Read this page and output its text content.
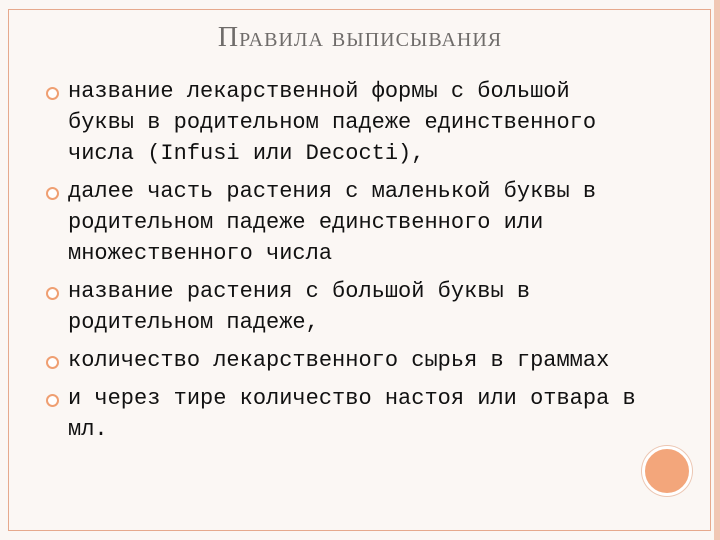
Правила выписывания
название лекарственной формы с большой буквы в родительном падеже единственного числа (Infusi или Decocti),
далее часть растения с маленькой буквы в родительном падеже единственного или множественного числа
название растения с большой буквы в родительном падеже,
количество лекарственного сырья в граммах
и через тире количество настоя или отвара в мл.
